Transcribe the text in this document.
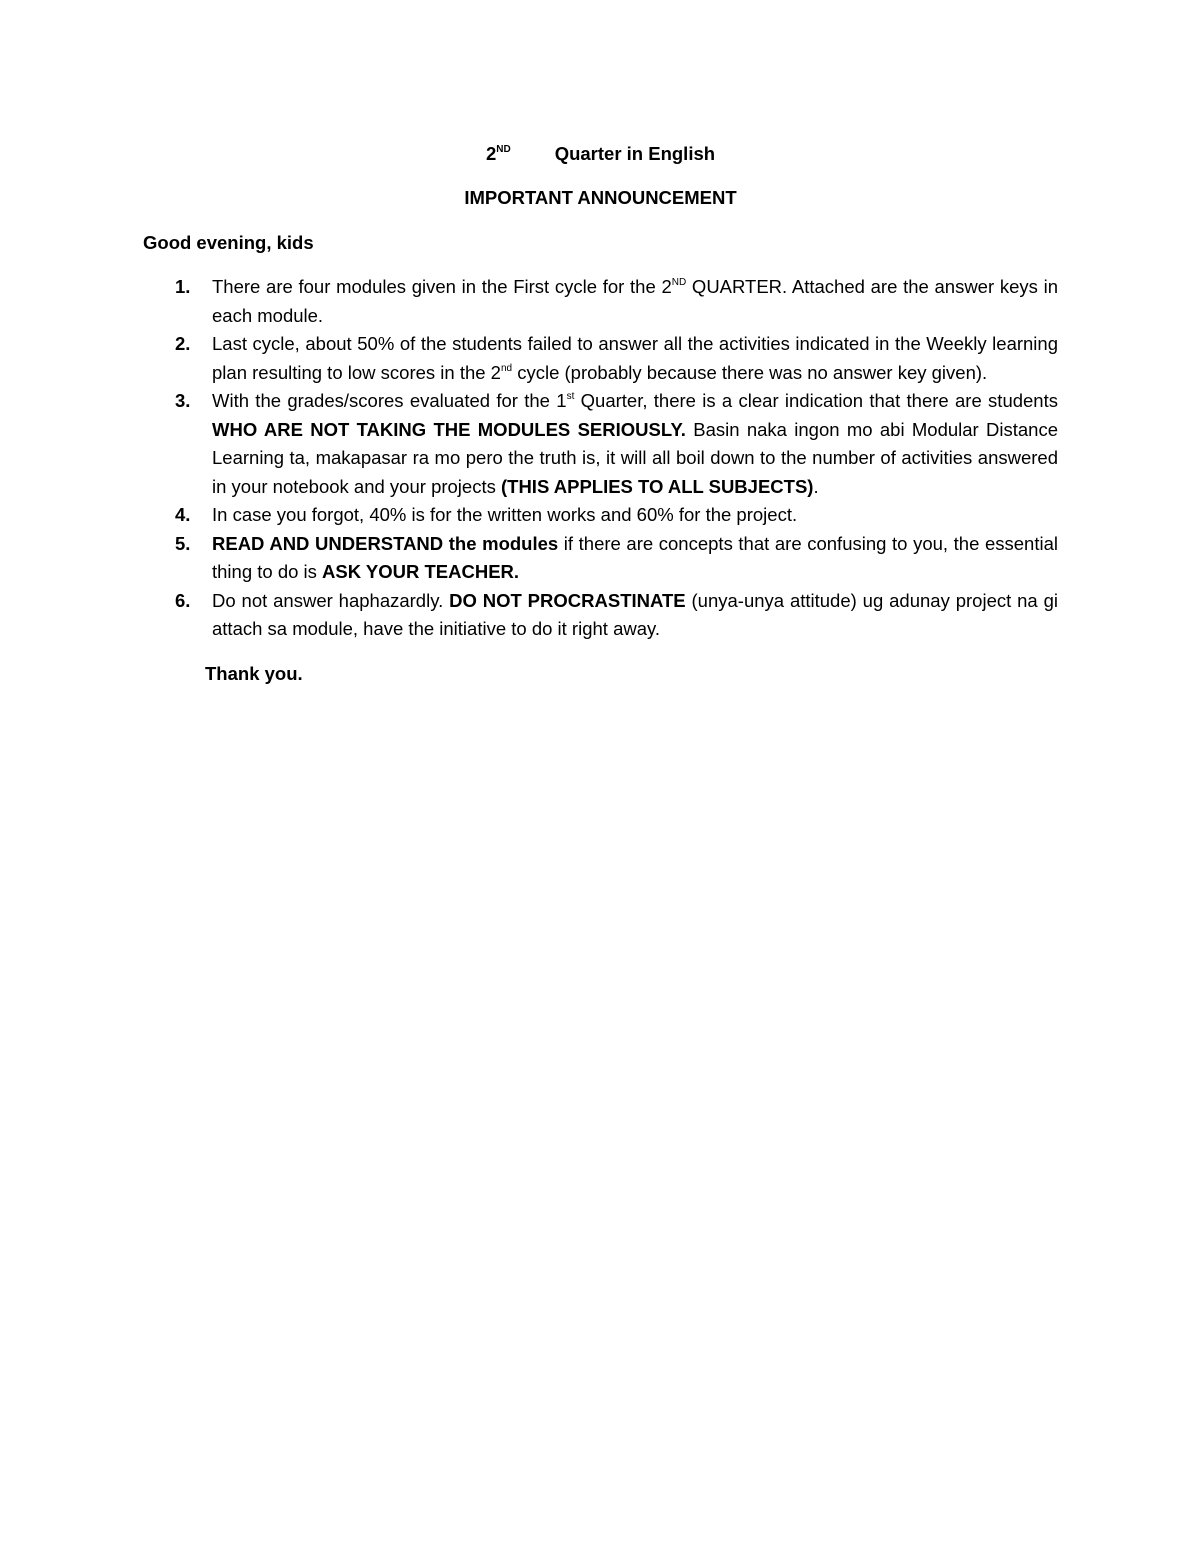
2ND Quarter in English

IMPORTANT ANNOUNCEMENT

Good evening, kids

1. There are four modules given in the First cycle for the 2ND QUARTER. Attached are the answer keys in each module.
2. Last cycle, about 50% of the students failed to answer all the activities indicated in the Weekly learning plan resulting to low scores in the 2nd cycle (probably because there was no answer key given).
3. With the grades/scores evaluated for the 1st Quarter, there is a clear indication that there are students WHO ARE NOT TAKING THE MODULES SERIOUSLY. Basin naka ingon mo abi Modular Distance Learning ta, makapasar ra mo pero the truth is, it will all boil down to the number of activities answered in your notebook and your projects (THIS APPLIES TO ALL SUBJECTS).
4. In case you forgot, 40% is for the written works and 60% for the project.
5. READ AND UNDERSTAND the modules if there are concepts that are confusing to you, the essential thing to do is ASK YOUR TEACHER.
6. Do not answer haphazardly. DO NOT PROCRASTINATE (unya-unya attitude) ug adunay project na gi attach sa module, have the initiative to do it right away.

Thank you.
